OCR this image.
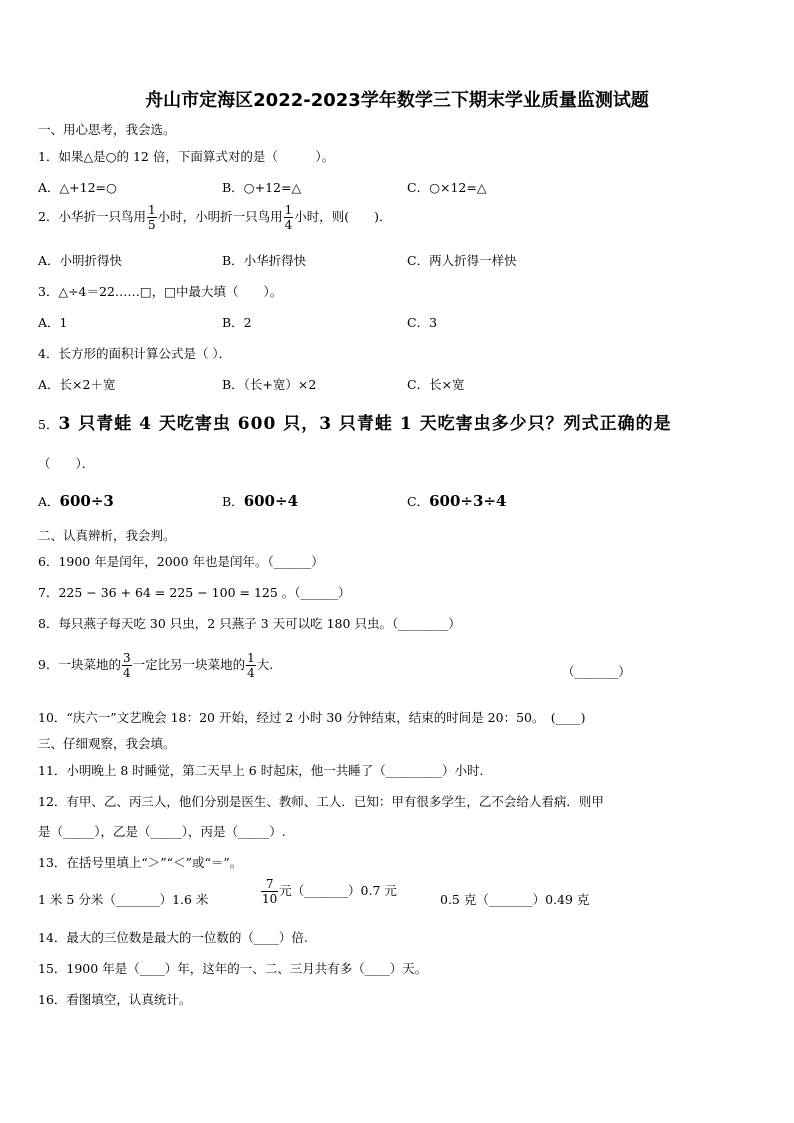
舟山市定海区2022-2023学年数学三下期末学业质量监测试题
一、用心思考，我会选。
1．如果△是○的 12 倍，下面算式对的是（　　　）。
A．△+12=○	B．○+12=△	C．○×12=△
2．小华折一只鸟用 $\frac{1}{5}$ 小时，小明折一只鸟用 $\frac{1}{4}$ 小时，则(　　)．
A．小明折得快	B．小华折得快	C．两人折得一样快
3．△÷4＝22……□，□中最大填（　　）。
A．1	B．2	C．3
4．长方形的面积计算公式是（ ）．
A．长×2＋宽	B．（长+宽）×2	C．长×宽
5．3 只青蛙 4 天吃害虫 600 只，3 只青蛙 1 天吃害虫多少只？列式正确的是
（　　）．
A．600÷3	B．600÷4	C．600÷3÷4
二、认真辨析，我会判。
6．1900 年是闰年，2000 年也是闰年。（______）
7．225 − 36 + 64 = 225 − 100 = 125 。（______）
8．每只燕子每天吃 30 只虫，2 只燕子 3 天可以吃 180 只虫。（________）
9．一块菜地的 $\frac{3}{4}$ 一定比另一块菜地的 $\frac{1}{4}$ 大.	（_______）
10．“庆六一”文艺晚会 18：20 开始，经过 2 小时 30 分钟结束，结束的时间是 20：50。　(____)
三、仔细观察，我会填。
11．小明晚上 8 时睡觉，第二天早上 6 时起床，他一共睡了（_________）小时.
12．有甲、乙、丙三人，他们分别是医生、教师、工人．已知：甲有很多学生，乙不会给人看病．则甲
是（_____），乙是（_____），丙是（_____）.
13．在括号里填上“＞”“＜”或“＝”。
1 米 5 分米（_______）1.6 米	$\frac{7}{10}$ 元（_______）0.7 元
0.5 克（_______）0.49 克
14．最大的三位数是最大的一位数的（____）倍.
15．1900 年是（____）年，这年的一、二、三月共有多（____）天。
16．看图填空，认真统计。
